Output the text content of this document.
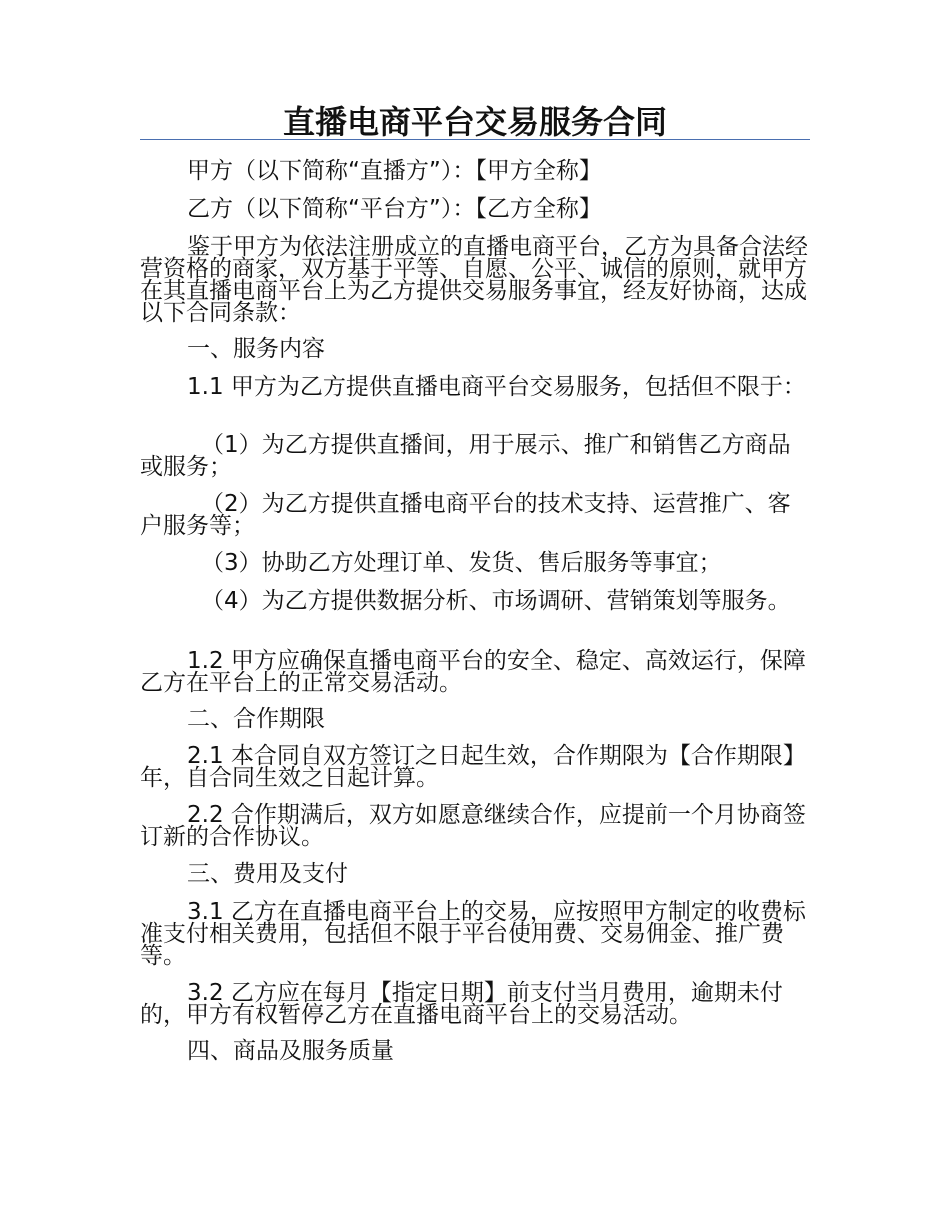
直播电商平台交易服务合同

甲方（以下简称“直播方”）：【甲方全称】

乙方（以下简称“平台方”）：【乙方全称】

鉴于甲方为依法注册成立的直播电商平台，乙方为具备合法经营资格的商家，双方基于平等、自愿、公平、诚信的原则，就甲方在其直播电商平台上为乙方提供交易服务事宜，经友好协商，达成以下合同条款：

一、服务内容

1.1 甲方为乙方提供直播电商平台交易服务，包括但不限于：

（1）为乙方提供直播间，用于展示、推广和销售乙方商品或服务；

（2）为乙方提供直播电商平台的技术支持、运营推广、客户服务等；

（3）协助乙方处理订单、发货、售后服务等事宜；

（4）为乙方提供数据分析、市场调研、营销策划等服务。

1.2 甲方应确保直播电商平台的安全、稳定、高效运行，保障乙方在平台上的正常交易活动。

二、合作期限

2.1 本合同自双方签订之日起生效，合作期限为【合作期限】年，自合同生效之日起计算。

2.2 合作期满后，双方如愿意继续合作，应提前一个月协商签订新的合作协议。

三、费用及支付

3.1 乙方在直播电商平台上的交易，应按照甲方制定的收费标准支付相关费用，包括但不限于平台使用费、交易佣金、推广费等。

3.2 乙方应在每月【指定日期】前支付当月费用，逾期未付的，甲方有权暂停乙方在直播电商平台上的交易活动。

四、商品及服务质量
